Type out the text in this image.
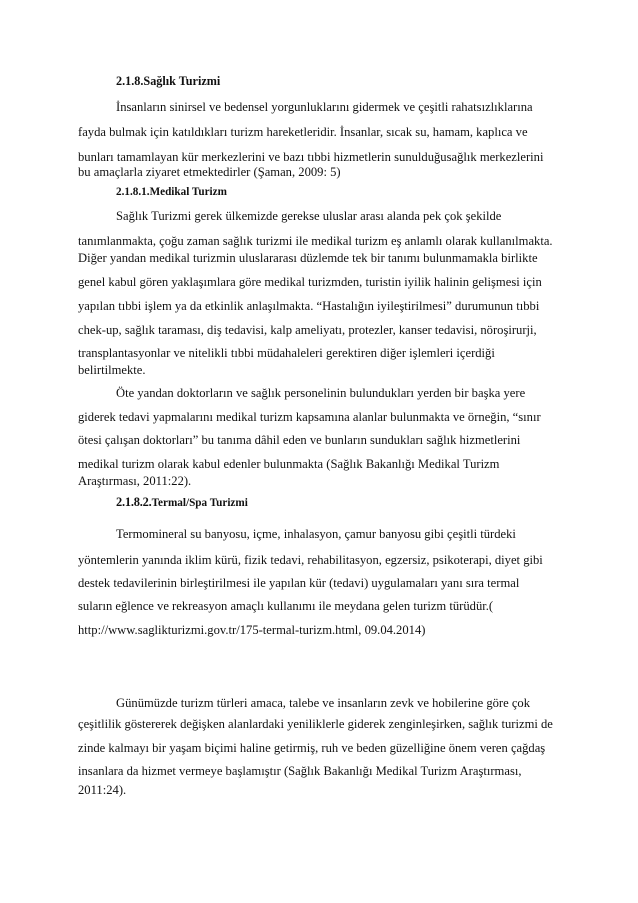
2.1.8.Sağlık Turizmi
İnsanların sinirsel ve bedensel yorgunluklarını gidermek ve çeşitli rahatsızlıklarına
fayda bulmak için katıldıkları turizm hareketleridir. İnsanlar, sıcak su, hamam, kaplıca ve
bunları tamamlayan kür merkezlerini ve bazı tıbbi hizmetlerin sunulduğusağlık merkezlerini
bu amaçlarla ziyaret etmektedirler (Şaman, 2009: 5)
2.1.8.1.Medikal Turizm
Sağlık Turizmi gerek ülkemizde gerekse uluslar arası alanda pek çok şekilde
tanımlanmakta, çoğu zaman sağlık turizmi ile medikal turizm eş anlamlı olarak kullanılmakta.
Diğer yandan medikal turizmin uluslararası düzlemde tek bir tanımı bulunmamakla birlikte
genel kabul gören yaklaşımlara göre medikal turizmden, turistin iyilik halinin gelişmesi için
yapılan tıbbi işlem ya da etkinlik anlaşılmakta. “Hastalığın iyileştirilmesi” durumunun tıbbi
chek-up, sağlık taraması, diş tedavisi, kalp ameliyatı, protezler, kanser tedavisi, nöroşirurji,
transplantasyonlar ve nitelikli tıbbi müdahaleleri gerektiren diğer işlemleri içerdiği
belirtilmekte.
Öte yandan doktorların ve sağlık personelinin bulundukları yerden bir başka yere
giderek tedavi yapmalarını medikal turizm kapsamına alanlar bulunmakta ve örneğin, “sınır
ötesi çalışan doktorları” bu tanıma dâhil eden ve bunların sundukları sağlık hizmetlerini
medikal turizm olarak kabul edenler bulunmakta (Sağlık Bakanlığı Medikal Turizm
Araştırması, 2011:22).
2.1.8.2.Termal/Spa Turizmi
Termomineral su banyosu, içme, inhalasyon, çamur banyosu gibi çeşitli türdeki
yöntemlerin yanında iklim kürü, fizik tedavi, rehabilitasyon, egzersiz, psikoterapi, diyet gibi
destek tedavilerinin birleştirilmesi ile yapılan kür (tedavi) uygulamaları yanı sıra termal
suların eğlence ve rekreasyon amaçlı kullanımı ile meydana gelen turizm türüdür.(
http://www.saglikturizmi.gov.tr/175-termal-turizm.html, 09.04.2014)
Günümüzde turizm türleri amaca, talebe ve insanların zevk ve hobilerine göre çok
çeşitlilik göstererek değişken alanlardaki yeniliklerle giderek zenginleşirken, sağlık turizmi de
zinde kalmayı bir yaşam biçimi haline getirmiş, ruh ve beden güzelliğine önem veren çağdaş
insanlara da hizmet vermeye başlamıştır (Sağlık Bakanlığı Medikal Turizm Araştırması,
2011:24).
